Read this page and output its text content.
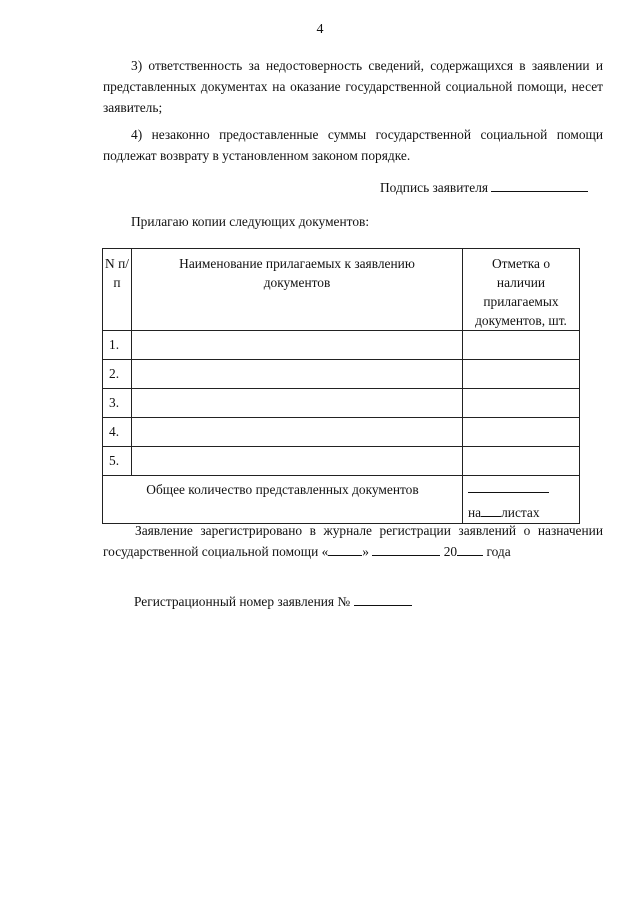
4
3) ответственность за недостоверность сведений, содержащихся в заявлении и представленных документах на оказание государственной социальной помощи, несет заявитель;
4) незаконно предоставленные суммы государственной социальной помощи подлежат возврату в установленном законом порядке.
Подпись заявителя
Прилагаю копии следующих документов:
N п/п	Наименование прилагаемых к заявлению документов	Отметка о наличии прилагаемых документов, шт.
1.		
2.		
3.		
4.		
5.		
Общее количество представленных документов		на листах
Заявление зарегистрировано в журнале регистрации заявлений о назначении государственной социальной помощи «	»	20 года
Регистрационный номер заявления №
